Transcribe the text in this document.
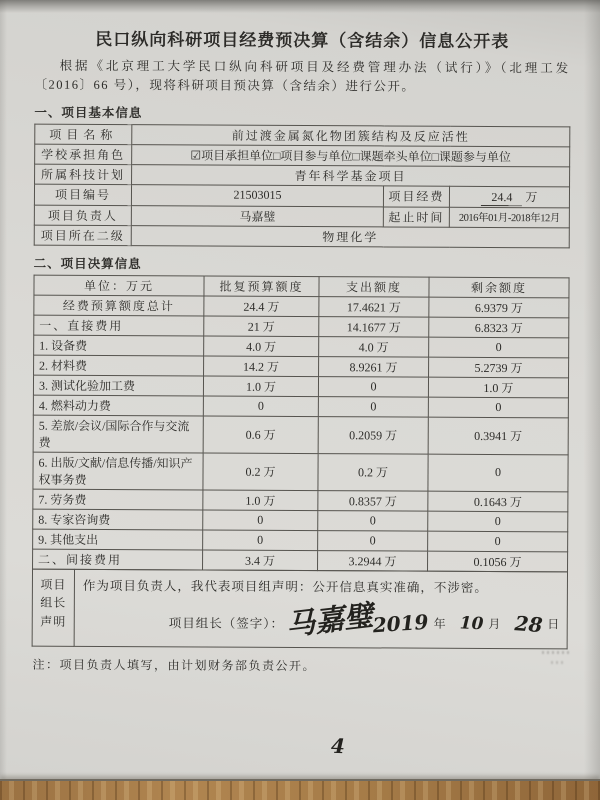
民口纵向科研项目经费预决算（含结余）信息公开表

根据《北京理工大学民口纵向科研项目及经费管理办法（试行）》（北理工发〔2016〕66 号），现将科研项目预决算（含结余）进行公开。

一、项目基本信息
项目名称	前过渡金属氮化物团簇结构及反应活性		
学校承担角色	☑项目承担单位□项目参与单位□课题牵头单位□课题参与单位		
所属科技计划	青年科学基金项目		
项目编号	21503015	项目经费	24.4 万
项目负责人	马嘉璧	起止时间	2016 年 01 月 - 2018 年 12 月
项目所在二级	物理化学		
二、项目决算信息
单位：万元	批复预算额度	支出额度	剩余额度
经费预算额度总计	24.4 万	17.4621 万	6.9379 万
一、直接费用	21 万	14.1677 万	6.8323 万
1. 设备费	4.0 万	4.0 万	0
2. 材料费	14.2 万	8.9261 万	5.2739 万
3. 测试化验加工费	1.0 万	0	1.0 万
4. 燃料动力费	0	0	0
5. 差旅/会议/国际合作与交流费	0.6 万	0.2059 万	0.3941 万
6. 出版/文献/信息传播/知识产权事务费	0.2 万	0.2 万	0
7. 劳务费	1.0 万	0.8357 万	0.1643 万
8. 专家咨询费	0	0	0
9. 其他支出	0	0	0
二、间接费用	3.4 万	3.2944 万	0.1056 万
项目
组长
声明

作为项目负责人，我代表项目组声明：公开信息真实准确，不涉密。
项目组长（签字）： 马嘉璧
2019 年 10 月 28 日

注：项目负责人填写，由计划财务部负责公开。

4
